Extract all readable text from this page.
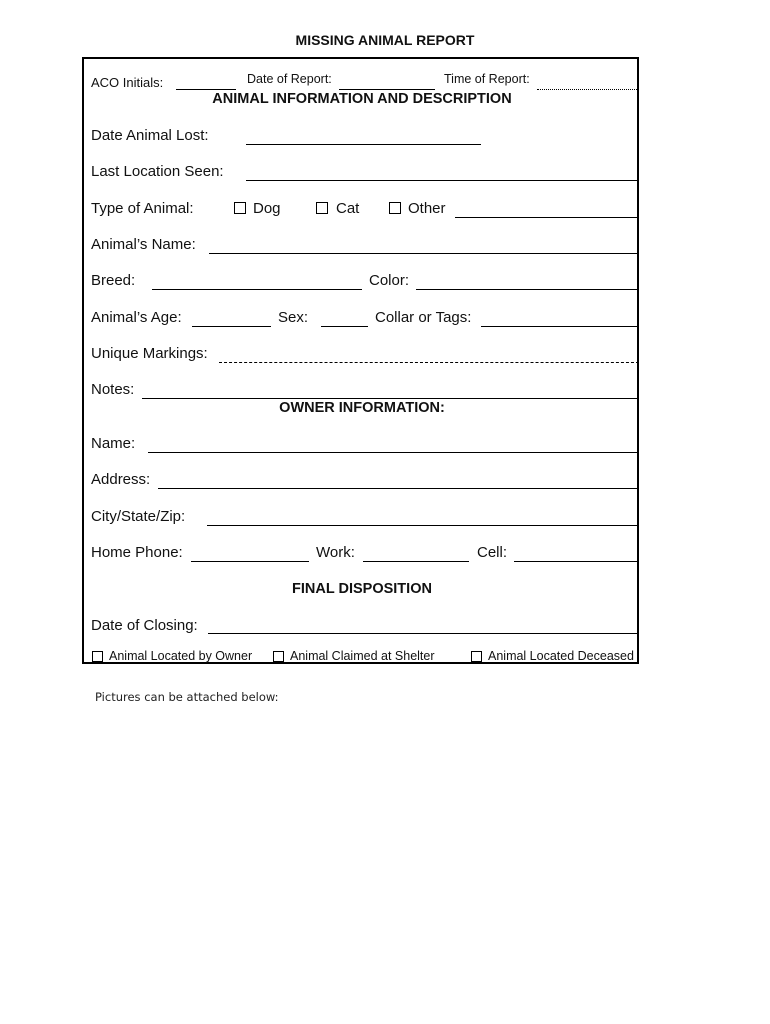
MISSING ANIMAL REPORT
ACO Initials:	Date of Report:	Time of Report:
ANIMAL INFORMATION AND DESCRIPTION
Date Animal Lost:
Last Location Seen:
Type of Animal:	Dog	Cat	Other
Animal’s Name:
Breed:	Color:
Animal’s Age:	Sex:	Collar or Tags:
Unique Markings:
Notes:
OWNER INFORMATION:
Name:
Address:
City/State/Zip:
Home Phone:	Work:	Cell:
FINAL DISPOSITION
Date of Closing:
Animal Located by Owner	Animal Claimed at Shelter	Animal Located Deceased
Pictures can be attached below:
